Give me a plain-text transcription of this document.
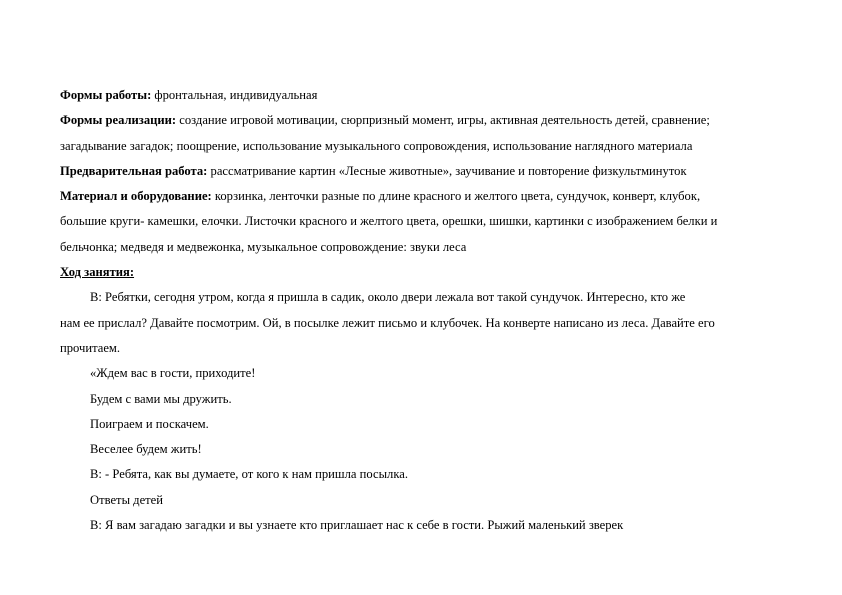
Формы работы: фронтальная, индивидуальная
Формы реализации: создание игровой мотивации, сюрпризный момент, игры, активная деятельность детей, сравнение;
загадывание загадок; поощрение, использование музыкального сопровождения, использование наглядного материала
Предварительная работа: рассматривание картин «Лесные животные», заучивание и повторение физкультминуток
Материал и оборудование: корзинка, ленточки разные по длине красного и желтого цвета, сундучок, конверт, клубок,
большие круги- камешки, елочки. Листочки красного и желтого цвета, орешки, шишки, картинки с изображением белки и
бельчонка; медведя и медвежонка, музыкальное сопровождение: звуки леса
Ход занятия:
В: Ребятки, сегодня утром, когда я пришла в садик, около двери лежала вот такой сундучок. Интересно, кто же
нам ее прислал? Давайте посмотрим. Ой, в посылке лежит письмо и клубочек. На конверте написано из леса. Давайте его
прочитаем.
«Ждем вас в гости, приходите!
Будем с вами мы дружить.
Поиграем и поскачем.
Веселее будем жить!
В: - Ребята, как вы думаете, от кого к нам пришла посылка.
Ответы детей
В: Я вам загадаю загадки и вы узнаете кто приглашает нас к себе в гости. Рыжий маленький зверек
